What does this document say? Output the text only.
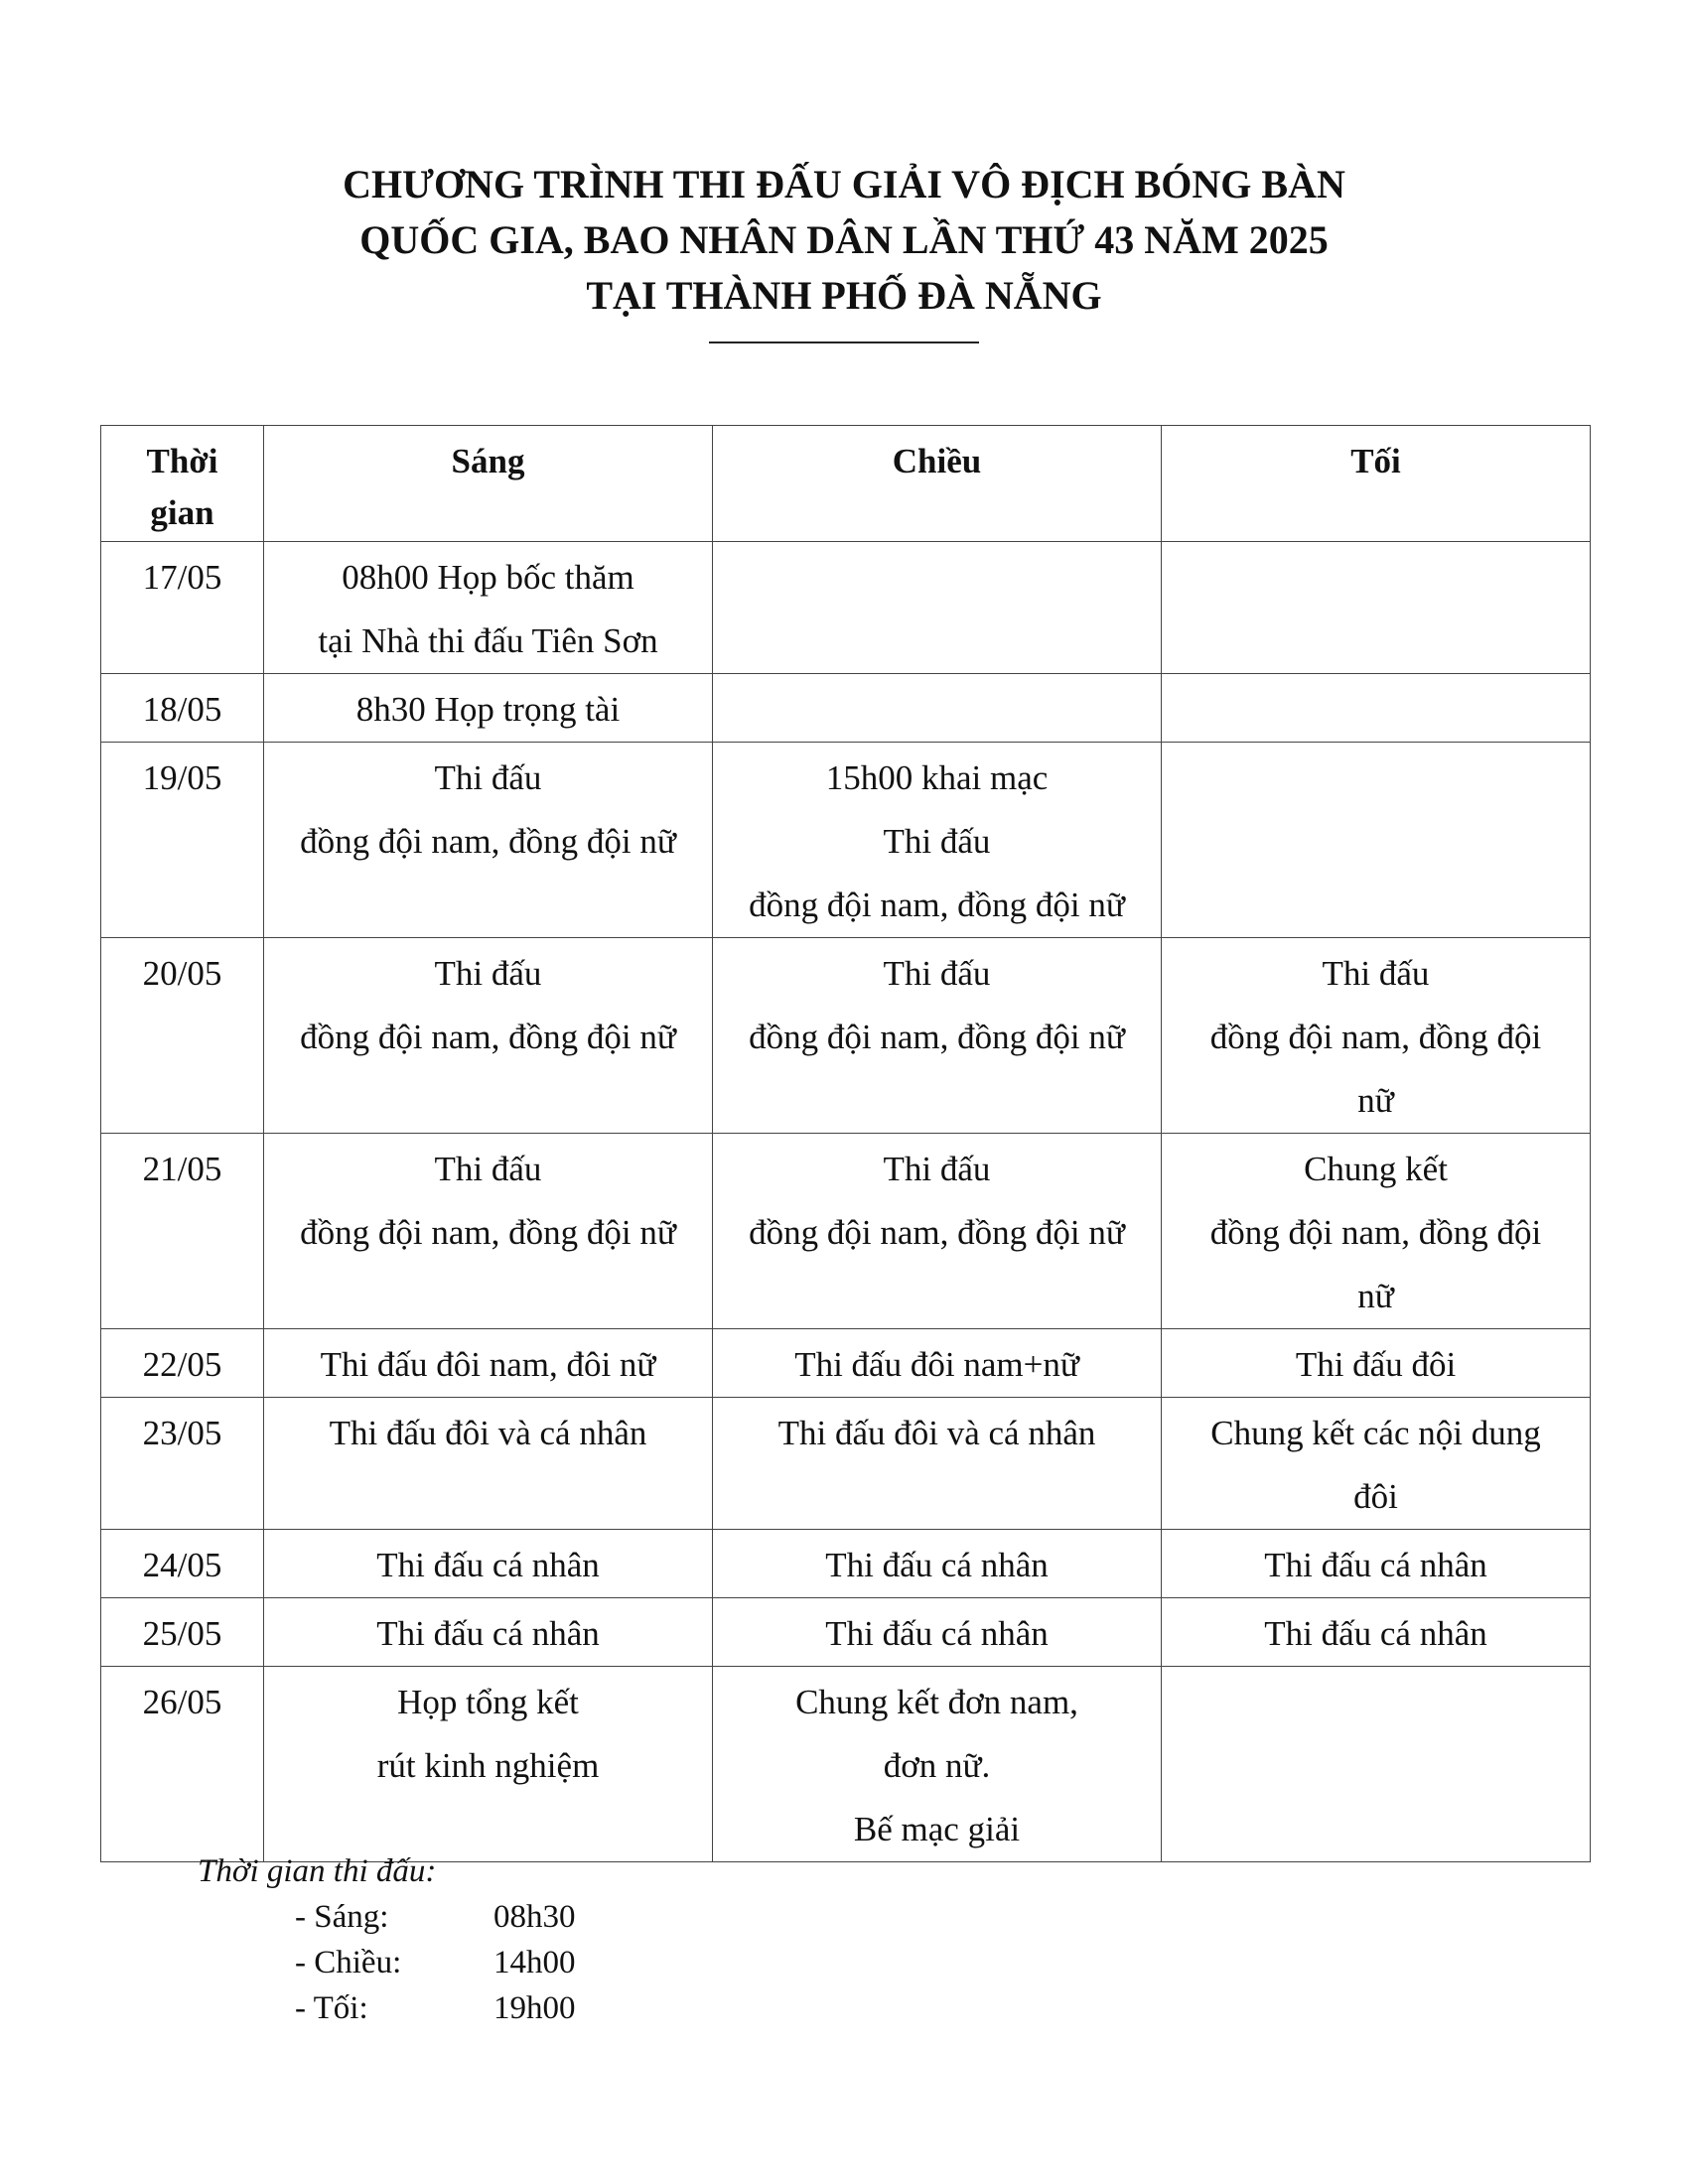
CHƯƠNG TRÌNH THI ĐẤU GIẢI VÔ ĐỊCH BÓNG BÀN
QUỐC GIA, BAO NHÂN DÂN LẦN THỨ 43 NĂM 2025
TẠI THÀNH PHỐ ĐÀ NẴNG
Thời
gian	Sáng	Chiều	Tối
17/05	08h00 Họp bốc thăm
tại Nhà thi đấu Tiên Sơn		

18/05	8h30 Họp trọng tài		

19/05	Thi đấu
đồng đội nam, đồng đội nữ	15h00 khai mạc
Thi đấu
đồng đội nam, đồng đội nữ	

20/05	Thi đấu
đồng đội nam, đồng đội nữ	Thi đấu
đồng đội nam, đồng đội nữ	Thi đấu
đồng đội nam, đồng đội
nữ

21/05	Thi đấu
đồng đội nam, đồng đội nữ	Thi đấu
đồng đội nam, đồng đội nữ	Chung kết
đồng đội nam, đồng đội
nữ

22/05	Thi đấu đôi nam, đôi nữ	Thi đấu đôi nam+nữ	Thi đấu đôi

23/05	Thi đấu đôi và cá nhân	Thi đấu đôi và cá nhân	Chung kết các nội dung
đôi

24/05	Thi đấu cá nhân	Thi đấu cá nhân	Thi đấu cá nhân

25/05	Thi đấu cá nhân	Thi đấu cá nhân	Thi đấu cá nhân

26/05	Họp tổng kết
rút kinh nghiệm	Chung kết đơn nam,
đơn nữ.
Bế mạc giải	

Thời gian thi đấu:
- Sáng:	08h30
- Chiều:	14h00
- Tối:	19h00
